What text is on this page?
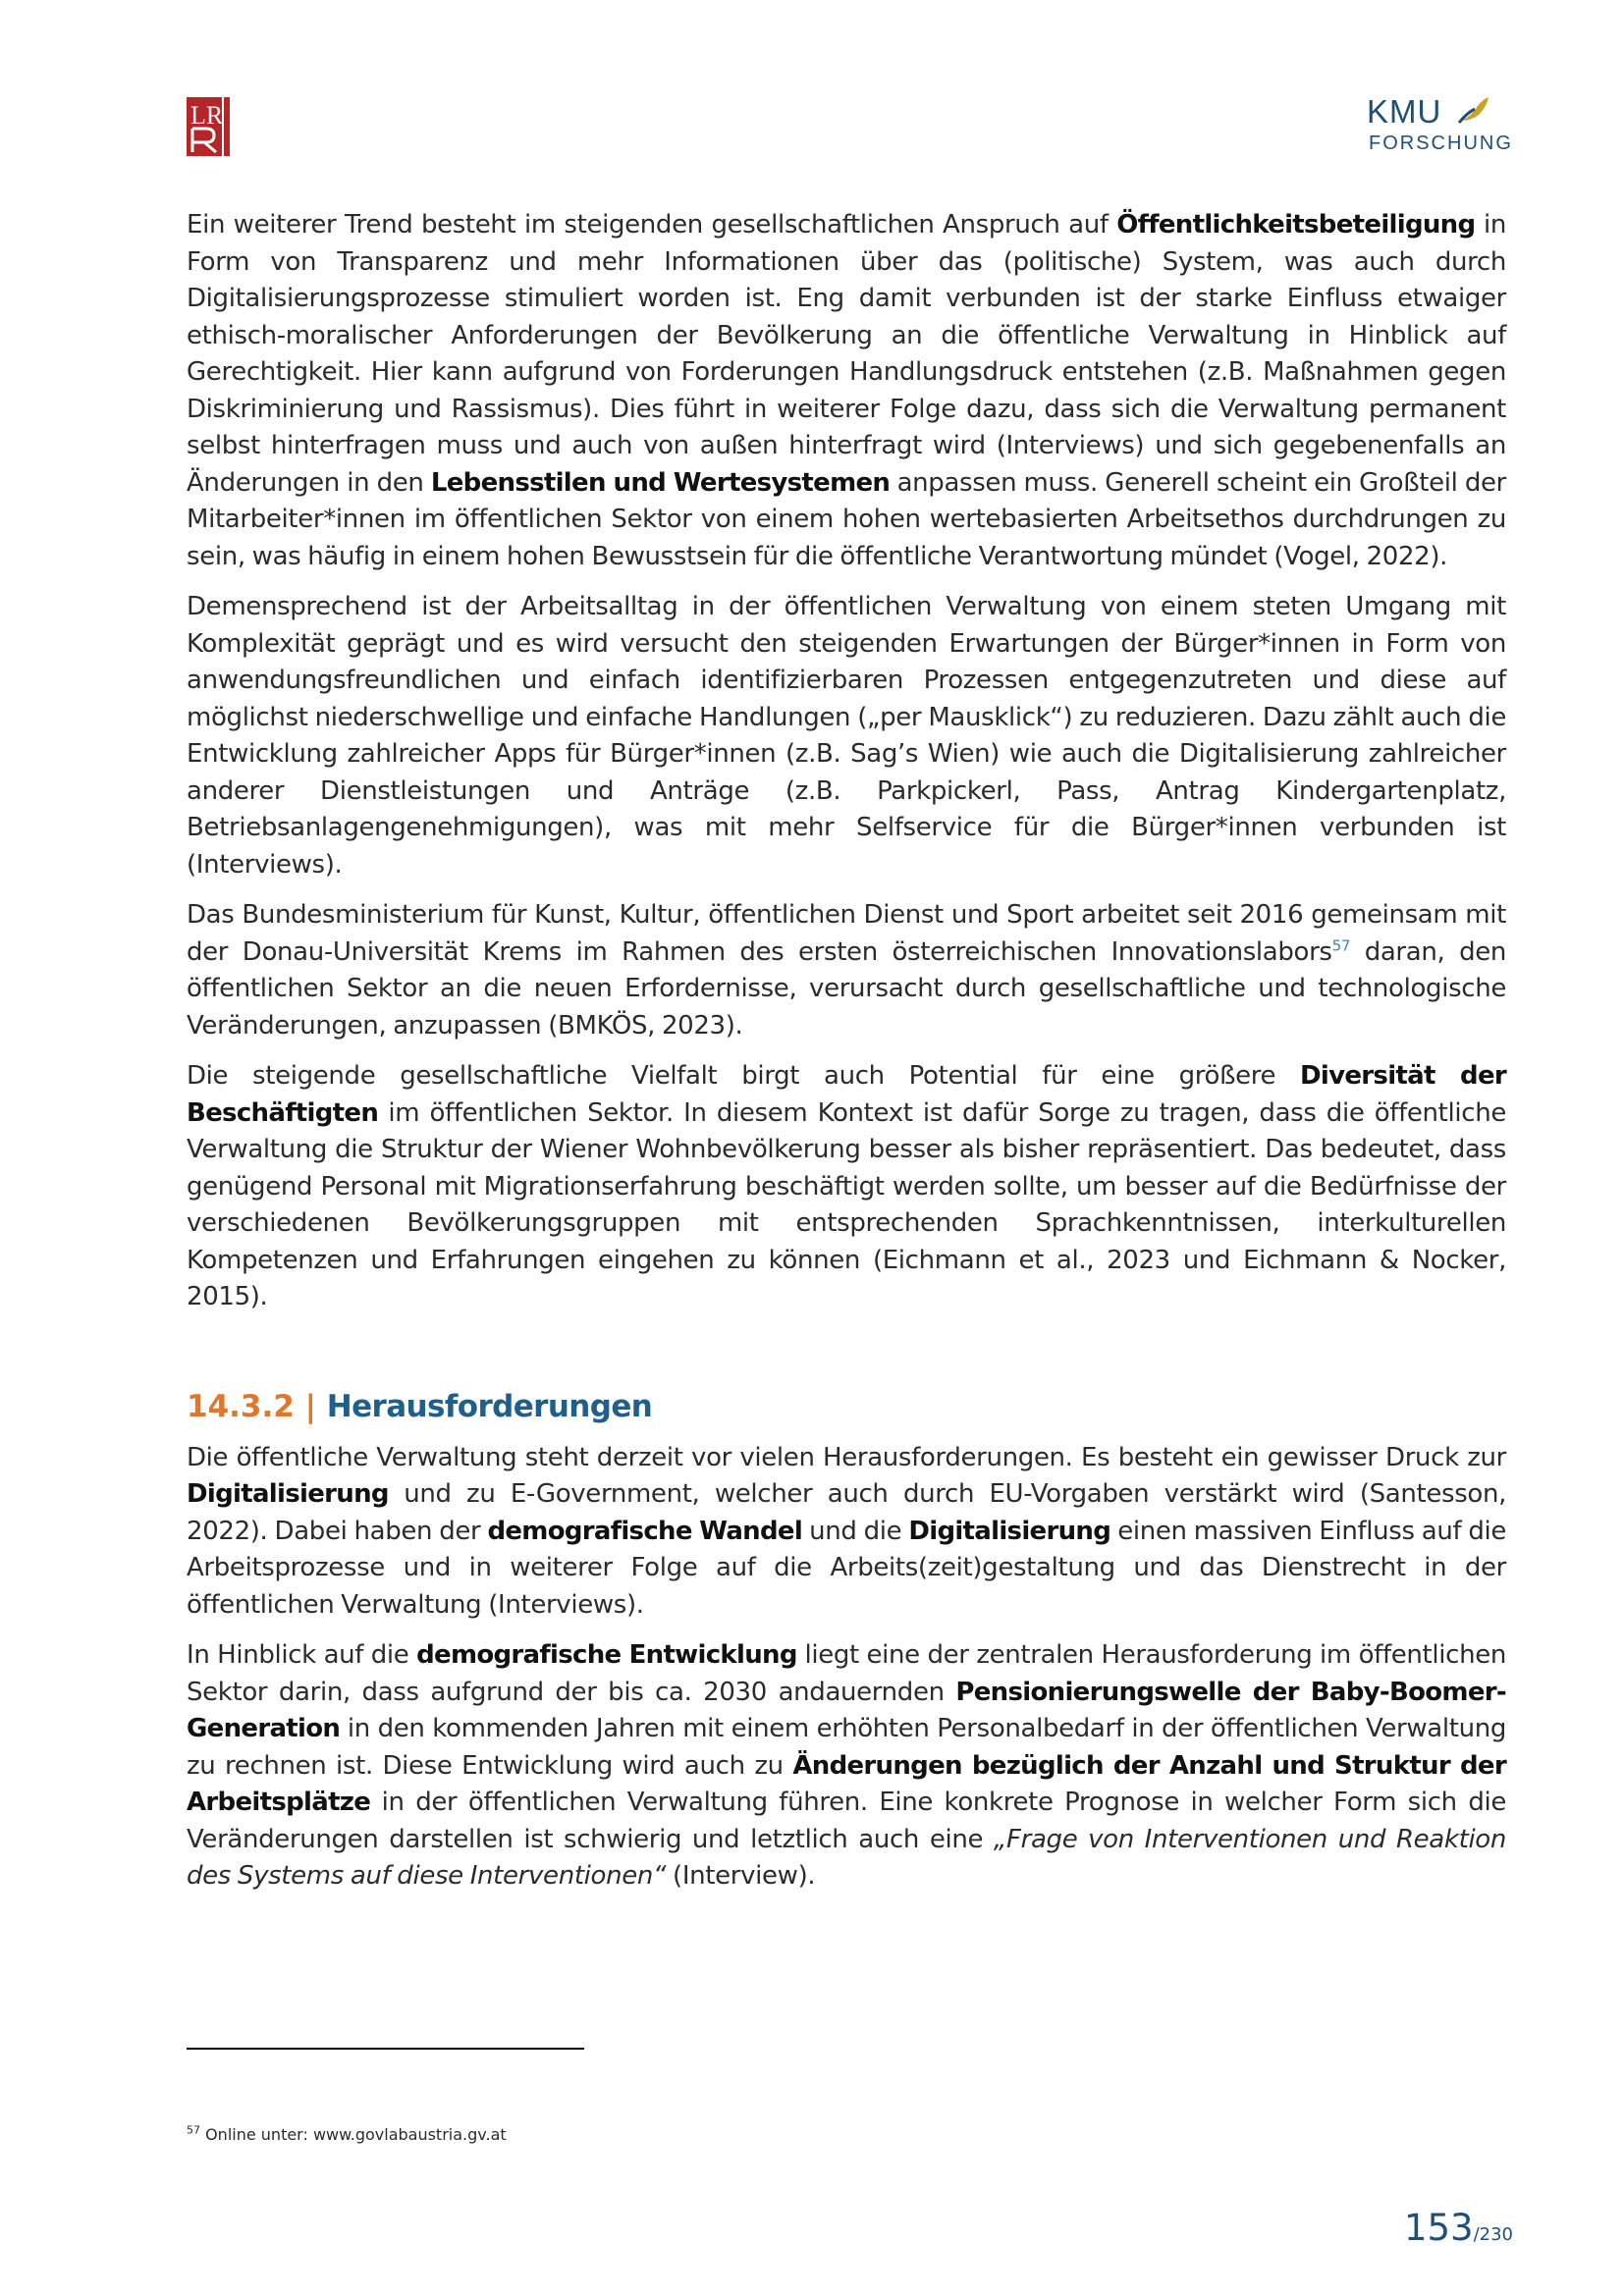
LR	KMU
FORSCHUNG

Ein weiterer Trend besteht im steigenden gesellschaftlichen Anspruch auf Öffentlichkeitsbeteiligung in Form von Transparenz und mehr Informationen über das (politische) System, was auch durch Digitalisierungsprozesse stimuliert worden ist. Eng damit verbunden ist der starke Einfluss etwaiger ethisch-moralischer Anforderungen der Bevölkerung an die öffentliche Verwaltung in Hinblick auf Gerechtigkeit. Hier kann aufgrund von Forderungen Handlungsdruck entstehen (z.B. Maßnahmen gegen Diskriminierung und Rassismus). Dies führt in weiterer Folge dazu, dass sich die Verwaltung permanent selbst hinterfragen muss und auch von außen hinterfragt wird (Interviews) und sich gegebenenfalls an Änderungen in den Lebensstilen und Wertesystemen anpassen muss. Generell scheint ein Großteil der Mitarbeiter*innen im öffentlichen Sektor von einem hohen wertebasierten Arbeitsethos durchdrungen zu sein, was häufig in einem hohen Bewusstsein für die öffentliche Verantwortung mündet (Vogel, 2022).

Demensprechend ist der Arbeitsalltag in der öffentlichen Verwaltung von einem steten Umgang mit Komplexität geprägt und es wird versucht den steigenden Erwartungen der Bürger*innen in Form von anwendungsfreundlichen und einfach identifizierbaren Prozessen entgegenzutreten und diese auf möglichst niederschwellige und einfache Handlungen („per Mausklick“) zu reduzieren. Dazu zählt auch die Entwicklung zahlreicher Apps für Bürger*innen (z.B. Sag’s Wien) wie auch die Digitalisierung zahlreicher anderer Dienstleistungen und Anträge (z.B. Parkpickerl, Pass, Antrag Kindergartenplatz, Betriebsanlagengenehmigungen), was mit mehr Selfservice für die Bürger*innen verbunden ist (Interviews).

Das Bundesministerium für Kunst, Kultur, öffentlichen Dienst und Sport arbeitet seit 2016 gemeinsam mit der Donau-Universität Krems im Rahmen des ersten österreichischen Innovationslabors$^{57}$ daran, den öffentlichen Sektor an die neuen Erfordernisse, verursacht durch gesellschaftliche und technologische Veränderungen, anzupassen (BMKÖS, 2023).

Die steigende gesellschaftliche Vielfalt birgt auch Potential für eine größere Diversität der Beschäftigten im öffentlichen Sektor. In diesem Kontext ist dafür Sorge zu tragen, dass die öffentliche Verwaltung die Struktur der Wiener Wohnbevölkerung besser als bisher repräsentiert. Das bedeutet, dass genügend Personal mit Migrationserfahrung beschäftigt werden sollte, um besser auf die Bedürfnisse der verschiedenen Bevölkerungsgruppen mit entsprechenden Sprachkenntnissen, interkulturellen Kompetenzen und Erfahrungen eingehen zu können (Eichmann et al., 2023 und Eichmann & Nocker, 2015).

14.3.2 | Herausforderungen

Die öffentliche Verwaltung steht derzeit vor vielen Herausforderungen. Es besteht ein gewisser Druck zur Digitalisierung und zu E-Government, welcher auch durch EU-Vorgaben verstärkt wird (Santesson, 2022). Dabei haben der demografische Wandel und die Digitalisierung einen massiven Einfluss auf die Arbeitsprozesse und in weiterer Folge auf die Arbeits(zeit)gestaltung und das Dienstrecht in der öffentlichen Verwaltung (Interviews).

In Hinblick auf die demografische Entwicklung liegt eine der zentralen Herausforderung im öffentlichen Sektor darin, dass aufgrund der bis ca. 2030 andauernden Pensionierungswelle der Baby-Boomer-Generation in den kommenden Jahren mit einem erhöhten Personalbedarf in der öffentlichen Verwaltung zu rechnen ist. Diese Entwicklung wird auch zu Änderungen bezüglich der Anzahl und Struktur der Arbeitsplätze in der öffentlichen Verwaltung führen. Eine konkrete Prognose in welcher Form sich die Veränderungen darstellen ist schwierig und letztlich auch eine „Frage von Interventionen und Reaktion des Systems auf diese Interventionen“ (Interview).

$^{57}$ Online unter: www.govlabaustria.gv.at
153/230
